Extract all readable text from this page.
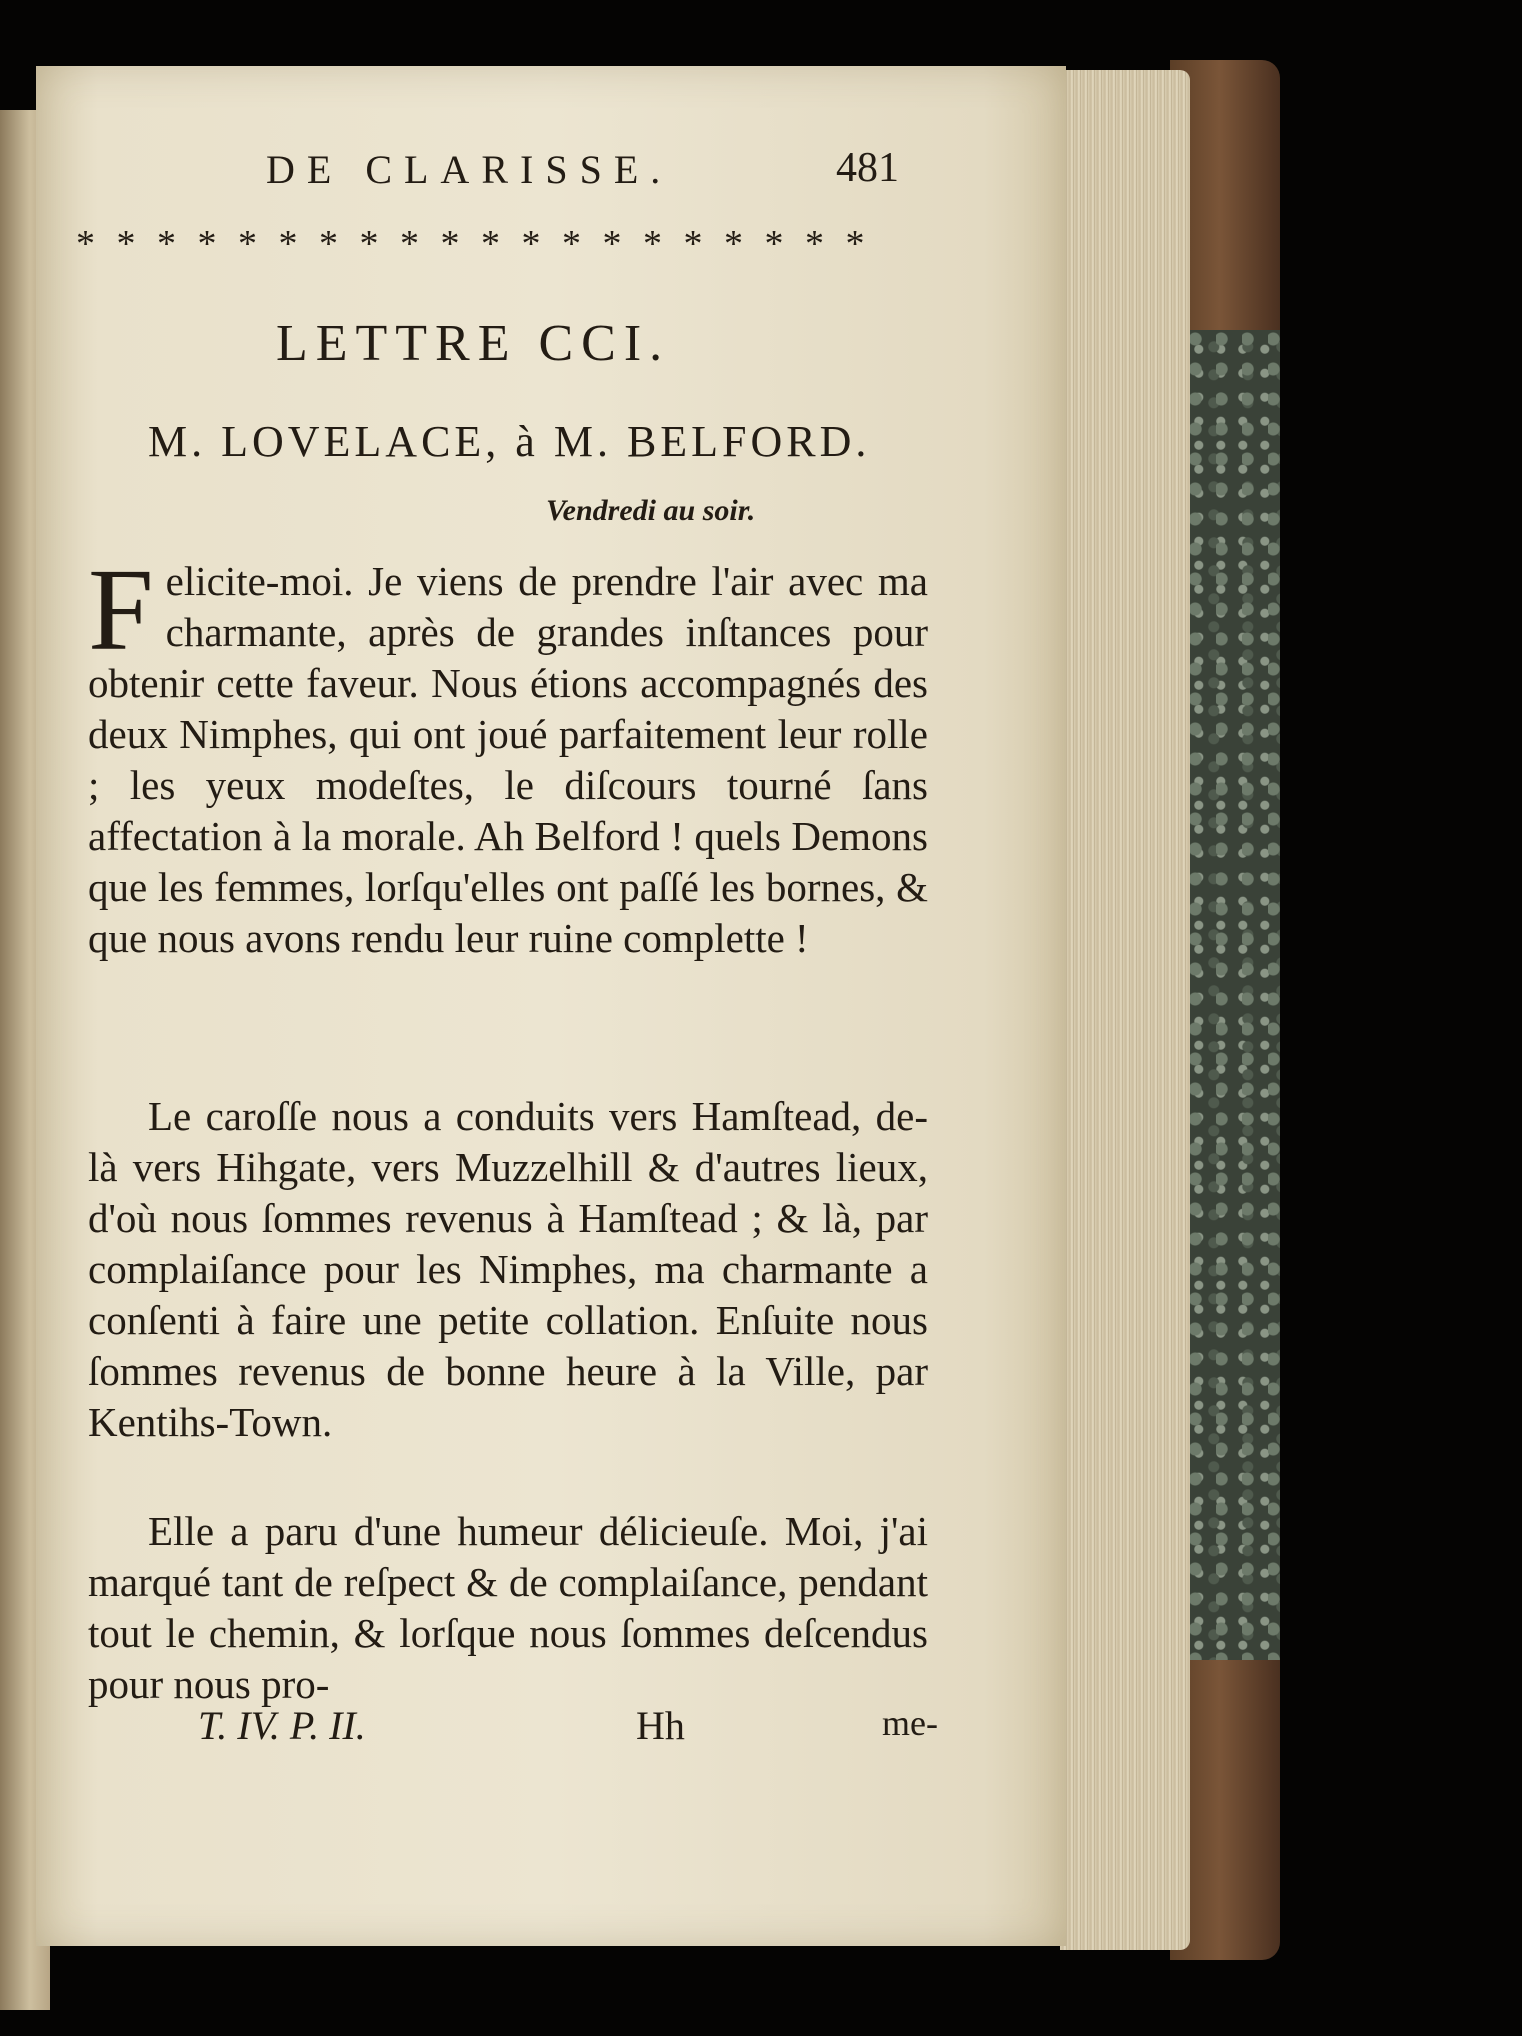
DE CLARISSE.	481
* * * * * * * * * * * * * * * * * * * *
LETTRE CCI.
M. LOVELACE, à M. BELFORD.
Vendredi au soir.
Felicite-moi. Je viens de prendre l'air avec ma charmante, après de grandes inſtances pour obtenir cette faveur. Nous étions accompagnés des deux Nimphes, qui ont joué parfaitement leur rolle ; les yeux modeſtes, le diſcours tourné ſans affectation à la morale. Ah Belford ! quels Demons que les femmes, lorſqu'elles ont paſſé les bornes, & que nous avons rendu leur ruine complette !
Le caroſſe nous a conduits vers Hamſtead, de-là vers Hihgate, vers Muzzelhill & d'autres lieux, d'où nous ſommes revenus à Hamſtead ; & là, par complaiſance pour les Nimphes, ma charmante a conſenti à faire une petite collation. Enſuite nous ſommes revenus de bonne heure à la Ville, par Kentihs-Town.
Elle a paru d'une humeur délicieuſe. Moi, j'ai marqué tant de reſpect & de complaiſance, pendant tout le chemin, & lorſque nous ſommes deſcendus pour nous pro-
T. IV. P. II.	Hh	me-
